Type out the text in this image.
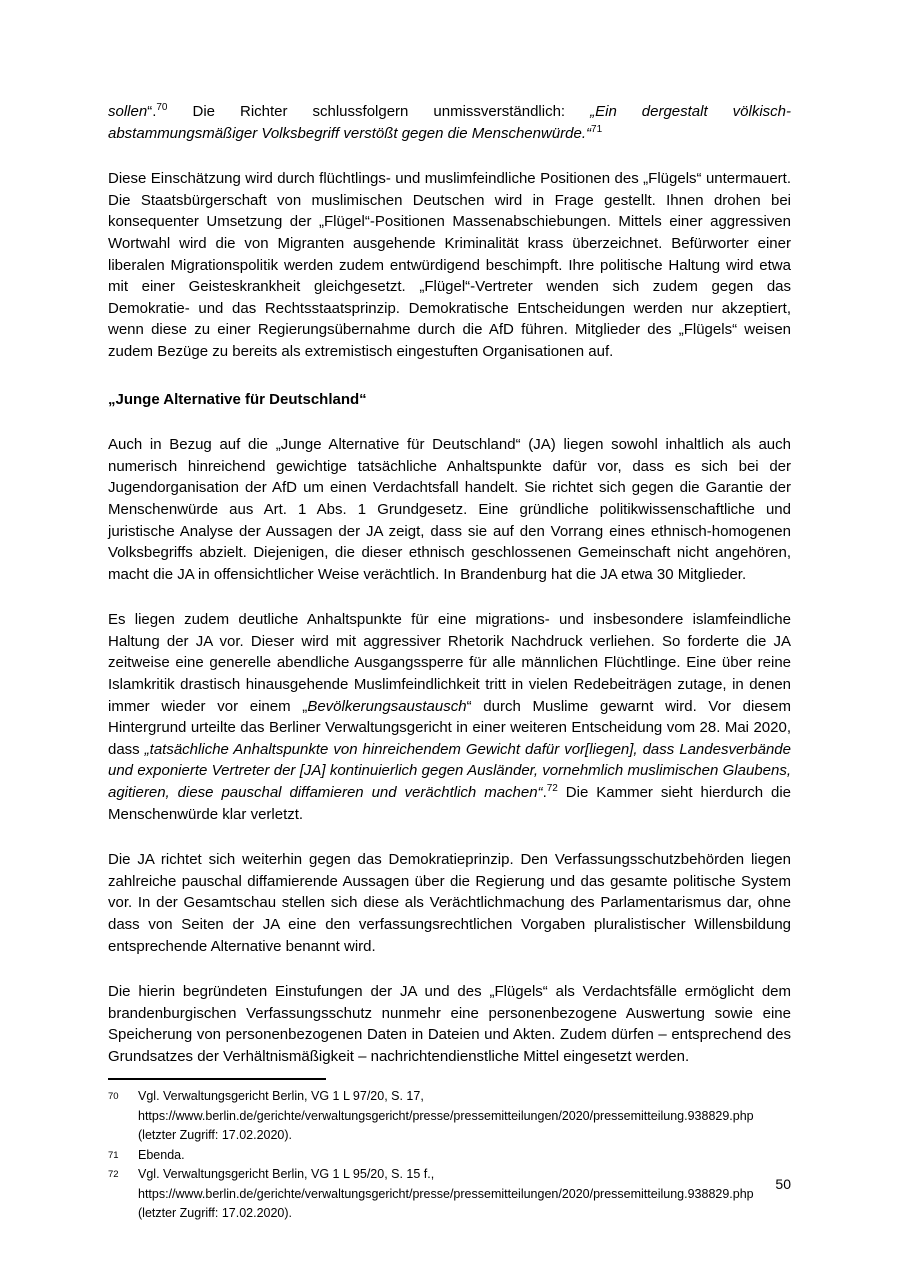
sollen“.$^{70}$ Die Richter schlussfolgern unmissverständlich: „Ein dergestalt völkisch-abstammungsmäßiger Volksbegriff verstößt gegen die Menschenwürde.“$^{71}$

Diese Einschätzung wird durch flüchtlings- und muslimfeindliche Positionen des „Flügels“ untermauert. Die Staatsbürgerschaft von muslimischen Deutschen wird in Frage gestellt. Ihnen drohen bei konsequenter Umsetzung der „Flügel“-Positionen Massenabschiebungen. Mittels einer aggressiven Wortwahl wird die von Migranten ausgehende Kriminalität krass überzeichnet. Befürworter einer liberalen Migrationspolitik werden zudem entwürdigend beschimpft. Ihre politische Haltung wird etwa mit einer Geisteskrankheit gleichgesetzt. „Flügel“-Vertreter wenden sich zudem gegen das Demokratie- und das Rechtsstaatsprinzip. Demokratische Entscheidungen werden nur akzeptiert, wenn diese zu einer Regierungsübernahme durch die AfD führen. Mitglieder des „Flügels“ weisen zudem Bezüge zu bereits als extremistisch eingestuften Organisationen auf.

„Junge Alternative für Deutschland“

Auch in Bezug auf die „Junge Alternative für Deutschland“ (JA) liegen sowohl inhaltlich als auch numerisch hinreichend gewichtige tatsächliche Anhaltspunkte dafür vor, dass es sich bei der Jugendorganisation der AfD um einen Verdachtsfall handelt. Sie richtet sich gegen die Garantie der Menschenwürde aus Art. 1 Abs. 1 Grundgesetz. Eine gründliche politikwissenschaftliche und juristische Analyse der Aussagen der JA zeigt, dass sie auf den Vorrang eines ethnisch-homogenen Volksbegriffs abzielt. Diejenigen, die dieser ethnisch geschlossenen Gemeinschaft nicht angehören, macht die JA in offensichtlicher Weise verächtlich. In Brandenburg hat die JA etwa 30 Mitglieder.

Es liegen zudem deutliche Anhaltspunkte für eine migrations- und insbesondere islamfeindliche Haltung der JA vor. Dieser wird mit aggressiver Rhetorik Nachdruck verliehen. So forderte die JA zeitweise eine generelle abendliche Ausgangssperre für alle männlichen Flüchtlinge. Eine über reine Islamkritik drastisch hinausgehende Muslimfeindlichkeit tritt in vielen Redebeiträgen zutage, in denen immer wieder vor einem „Bevölkerungsaustausch“ durch Muslime gewarnt wird. Vor diesem Hintergrund urteilte das Berliner Verwaltungsgericht in einer weiteren Entscheidung vom 28. Mai 2020, dass „tatsächliche Anhaltspunkte von hinreichendem Gewicht dafür vor[liegen], dass Landesverbände und exponierte Vertreter der [JA] kontinuierlich gegen Ausländer, vornehmlich muslimischen Glaubens, agitieren, diese pauschal diffamieren und verächtlich machen“.$^{72}$ Die Kammer sieht hierdurch die Menschenwürde klar verletzt.

Die JA richtet sich weiterhin gegen das Demokratieprinzip. Den Verfassungsschutzbehörden liegen zahlreiche pauschal diffamierende Aussagen über die Regierung und das gesamte politische System vor. In der Gesamtschau stellen sich diese als Verächtlichmachung des Parlamentarismus dar, ohne dass von Seiten der JA eine den verfassungsrechtlichen Vorgaben pluralistischer Willensbildung entsprechende Alternative benannt wird.

Die hierin begründeten Einstufungen der JA und des „Flügels“ als Verdachtsfälle ermöglicht dem brandenburgischen Verfassungsschutz nunmehr eine personenbezogene Auswertung sowie eine Speicherung von personenbezogenen Daten in Dateien und Akten. Zudem dürfen – entsprechend des Grundsatzes der Verhältnismäßigkeit – nachrichtendienstliche Mittel eingesetzt werden.

70 Vgl. Verwaltungsgericht Berlin, VG 1 L 97/20, S. 17, https://www.berlin.de/gerichte/verwaltungsgericht/presse/pressemitteilungen/2020/pressemitteilung.938829.php (letzter Zugriff: 17.02.2020).
71 Ebenda.
72 Vgl. Verwaltungsgericht Berlin, VG 1 L 95/20, S. 15 f., https://www.berlin.de/gerichte/verwaltungsgericht/presse/pressemitteilungen/2020/pressemitteilung.938829.php (letzter Zugriff: 17.02.2020).
50
